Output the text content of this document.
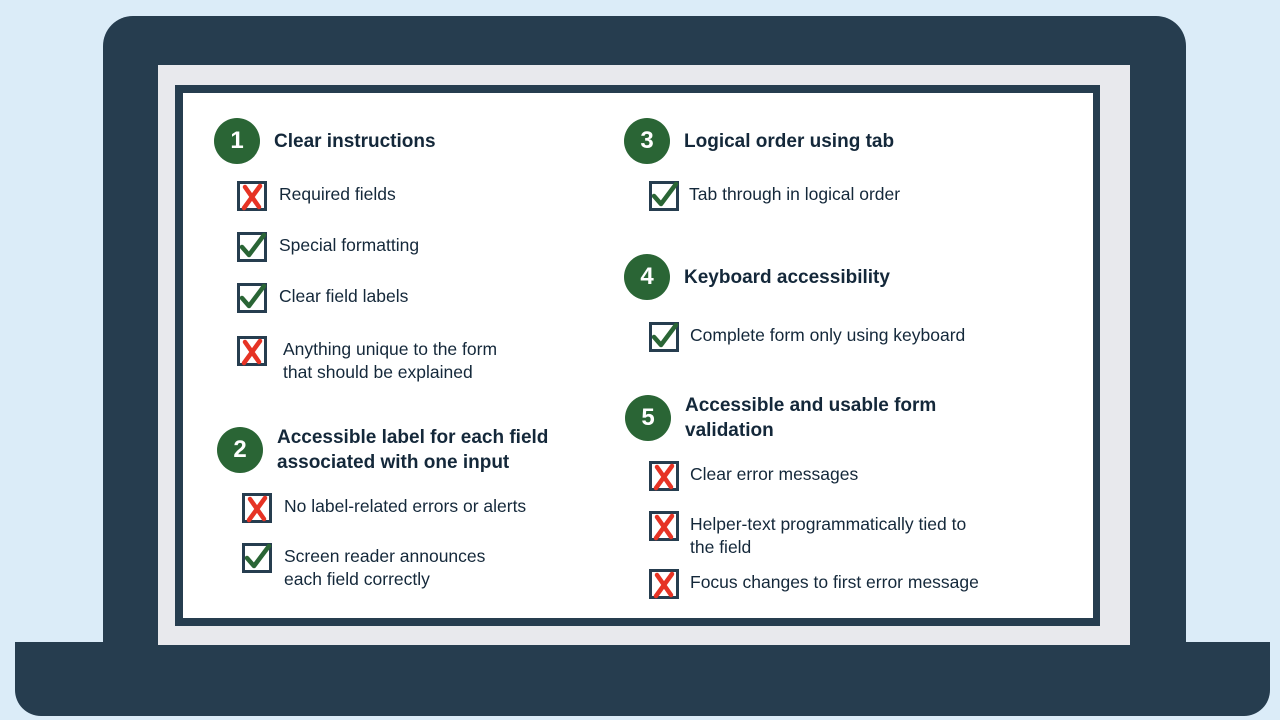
1	Clear instructions
Required fields
Special formatting
Clear field labels
Anything unique to the form
that should be explained
2	Accessible label for each field
associated with one input
No label-related errors or alerts
Screen reader announces
each field correctly
3	Logical order using tab
Tab through in logical order
4	Keyboard accessibility
Complete form only using keyboard
5	Accessible and usable form
validation
Clear error messages
Helper-text programmatically tied to
the field
Focus changes to first error message
